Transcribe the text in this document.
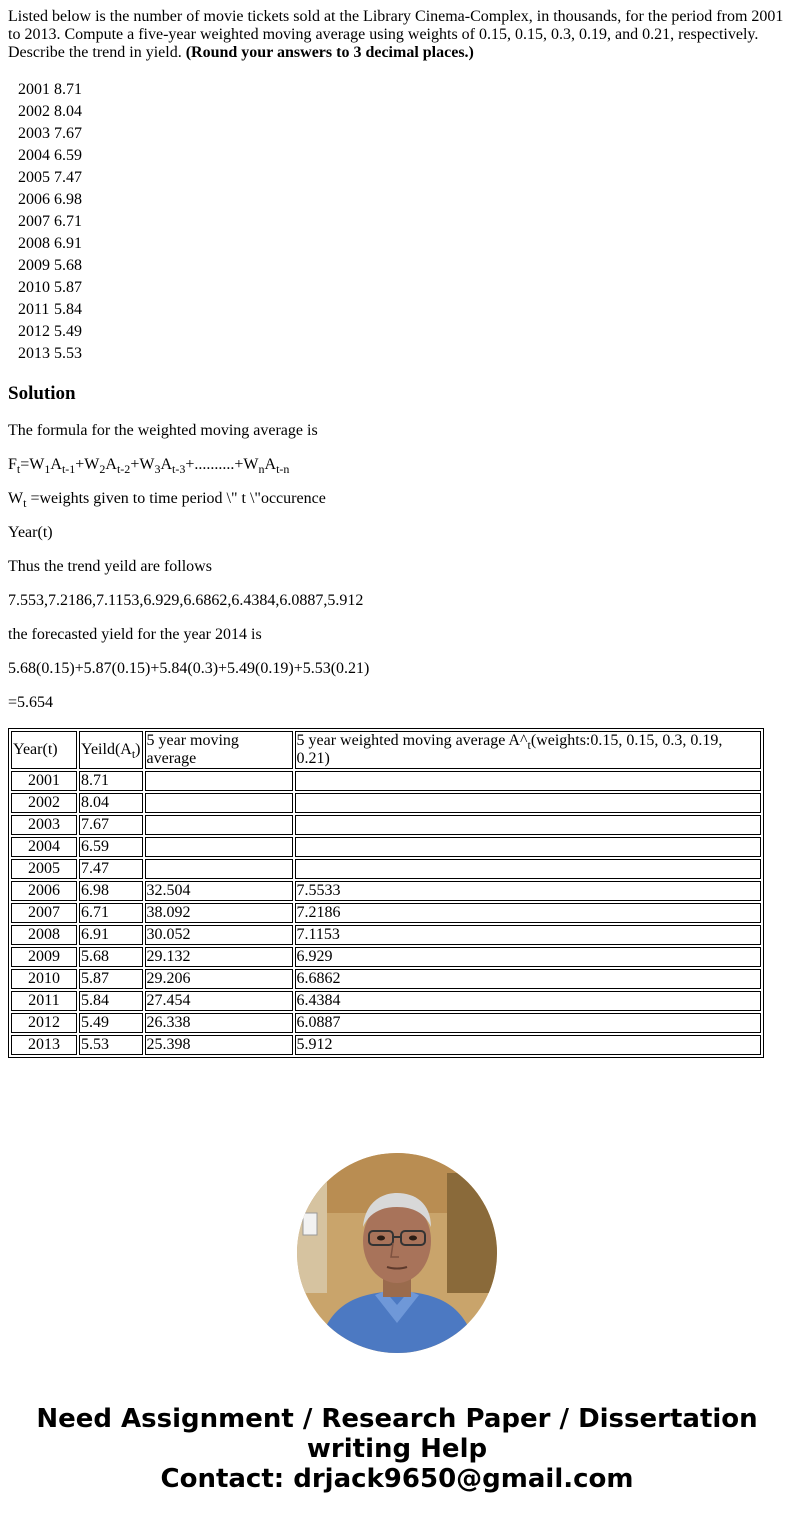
Listed below is the number of movie tickets sold at the Library Cinema-Complex, in thousands, for the period from 2001 to 2013. Compute a five-year weighted moving average using weights of 0.15, 0.15, 0.3, 0.19, and 0.21, respectively. Describe the trend in yield. (Round your answers to 3 decimal places.)

2001	8.71
2002	8.04
2003	7.67
2004	6.59
2005	7.47
2006	6.98
2007	6.71
2008	6.91
2009	5.68
2010	5.87
2011	5.84
2012	5.49
2013	5.53
Solution

The formula for the weighted moving average is

$F_t=W_1A_{t-1}+W_2A_{t-2}+W_3A_{t-3}+..........+W_nA_{t-n}$

$W_t$ =weights given to time period \" t \"occurence

Year(t)

Thus the trend yeild are follows

7.553,7.2186,7.1153,6.929,6.6862,6.4384,6.0887,5.912

the forecasted yield for the year 2014 is

5.68(0.15)+5.87(0.15)+5.84(0.3)+5.49(0.19)+5.53(0.21)

=5.654

Year(t)	$Yeild(A_t)$	5 year moving average	5 year weighted moving average $A\^{}_t(weights:0.15$, 0.15, 0.3, 0.19, 0.21)
2001	8.71		
2002	8.04		
2003	7.67		
2004	6.59		
2005	7.47		
2006	6.98	32.504	7.5533
2007	6.71	38.092	7.2186
2008	6.91	30.052	7.1153
2009	5.68	29.132	6.929
2010	5.87	29.206	6.6862
2011	5.84	27.454	6.4384
2012	5.49	26.338	6.0887
2013	5.53	25.398	5.912
Need Assignment / Research Paper / Dissertation
writing Help
Contact: drjack9650@gmail.com
